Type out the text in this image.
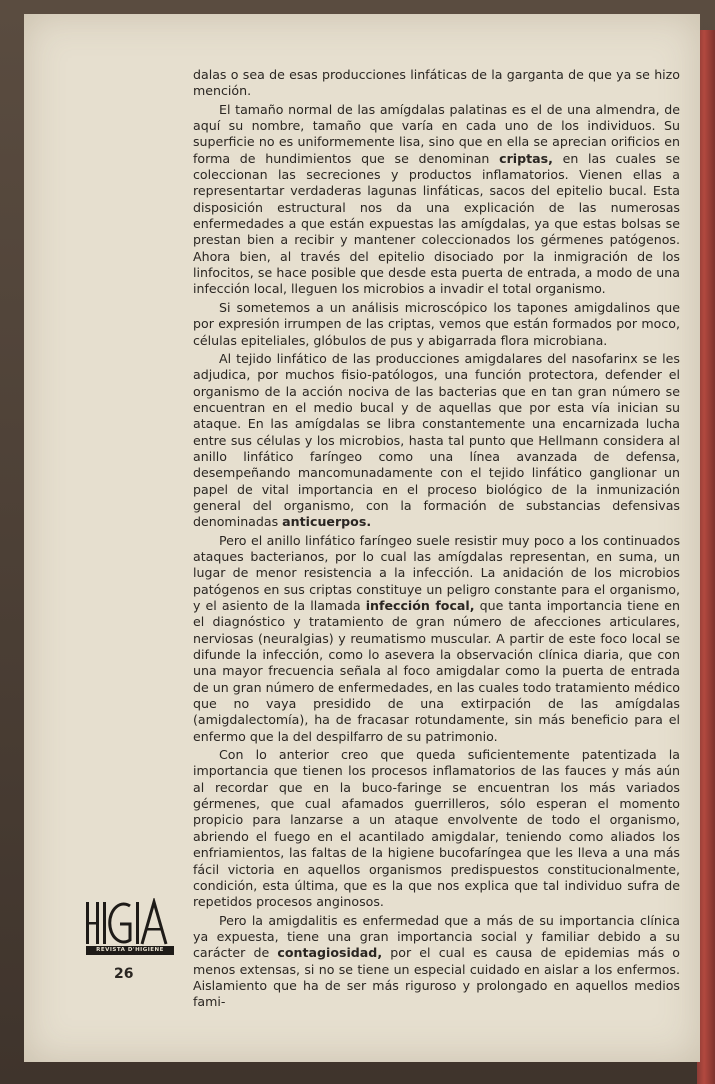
dalas o sea de esas producciones linfáticas de la garganta de que ya se hizo mención.

El tamaño normal de las amígdalas palatinas es el de una almendra, de aquí su nombre, tamaño que varía en cada uno de los individuos. Su superficie no es uniformemente lisa, sino que en ella se aprecian orificios en forma de hundimientos que se denominan criptas, en las cuales se coleccionan las secreciones y productos inflamatorios. Vienen ellas a representartar verdaderas lagunas linfáticas, sacos del epitelio bucal. Esta disposición estructural nos da una explicación de las numerosas enfermedades a que están expuestas las amígdalas, ya que estas bolsas se prestan bien a recibir y mantener coleccionados los gérmenes patógenos. Ahora bien, al través del epitelio disociado por la inmigración de los linfocitos, se hace posible que desde esta puerta de entrada, a modo de una infección local, lleguen los microbios a invadir el total organismo.

Si sometemos a un análisis microscópico los tapones amigdalinos que por expresión irrumpen de las criptas, vemos que están formados por moco, células epiteliales, glóbulos de pus y abigarrada flora microbiana.

Al tejido linfático de las producciones amigdalares del nasofarinx se les adjudica, por muchos fisio-patólogos, una función protectora, defender el organismo de la acción nociva de las bacterias que en tan gran número se encuentran en el medio bucal y de aquellas que por esta vía inician su ataque. En las amígdalas se libra constantemente una encarnizada lucha entre sus células y los microbios, hasta tal punto que Hellmann considera al anillo linfático faríngeo como una línea avanzada de defensa, desempeñando mancomunadamente con el tejido linfático ganglionar un papel de vital importancia en el proceso biológico de la inmunización general del organismo, con la formación de substancias defensivas denominadas anticuerpos.

Pero el anillo linfático faríngeo suele resistir muy poco a los continuados ataques bacterianos, por lo cual las amígdalas representan, en suma, un lugar de menor resistencia a la infección. La anidación de los microbios patógenos en sus criptas constituye un peligro constante para el organismo, y el asiento de la llamada infección focal, que tanta importancia tiene en el diagnóstico y tratamiento de gran número de afecciones articulares, nerviosas (neuralgias) y reumatismo muscular. A partir de este foco local se difunde la infección, como lo asevera la observación clínica diaria, que con una mayor frecuencia señala al foco amigdalar como la puerta de entrada de un gran número de enfermedades, en las cuales todo tratamiento médico que no vaya presidido de una extirpación de las amígdalas (amigdalectomía), ha de fracasar rotundamente, sin más beneficio para el enfermo que la del despilfarro de su patrimonio.

Con lo anterior creo que queda suficientemente patentizada la importancia que tienen los procesos inflamatorios de las fauces y más aún al recordar que en la buco-faringe se encuentran los más variados gérmenes, que cual afamados guerrilleros, sólo esperan el momento propicio para lanzarse a un ataque envolvente de todo el organismo, abriendo el fuego en el acantilado amigdalar, teniendo como aliados los enfriamientos, las faltas de la higiene bucofaríngea que les lleva a una más fácil victoria en aquellos organismos predispuestos constitucionalmente, condición, esta última, que es la que nos explica que tal individuo sufra de repetidos procesos anginosos.

Pero la amigdalitis es enfermedad que a más de su importancia clínica ya expuesta, tiene una gran importancia social y familiar debido a su carácter de contagiosidad, por el cual es causa de epidemias más o menos extensas, si no se tiene un especial cuidado en aislar a los enfermos. Aislamiento que ha de ser más riguroso y prolongado en aquellos medios fami-

REVISTA D'HIGIENE
26
